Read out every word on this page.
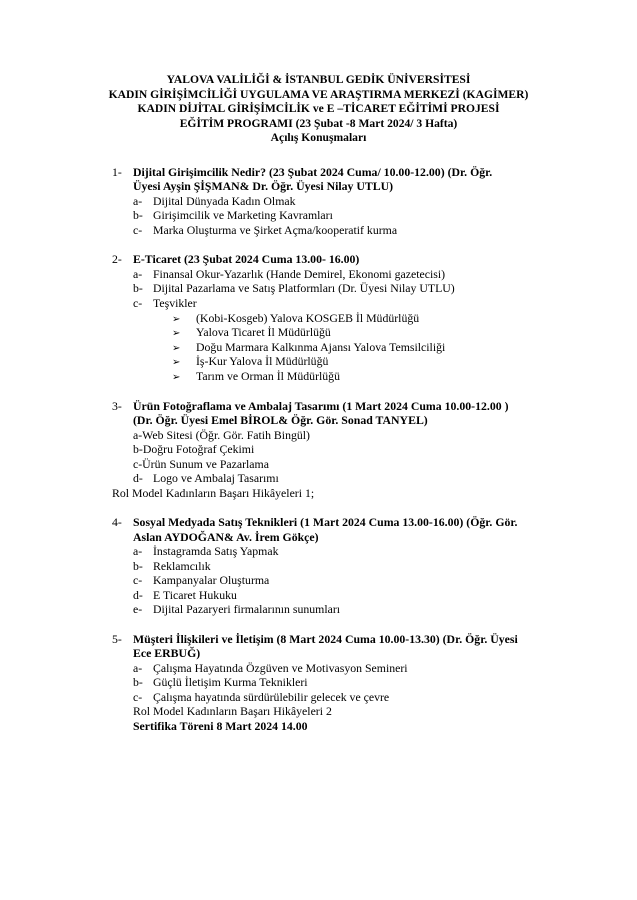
YALOVA VALİLİĞİ & İSTANBUL GEDİK ÜNİVERSİTESİ
KADIN GİRİŞİMCİLİĞİ UYGULAMA VE ARAŞTIRMA MERKEZİ (KAGİMER)
KADIN DİJİTAL GİRİŞİMCİLİK ve E –TİCARET EĞİTİMİ PROJESİ
EĞİTİM PROGRAMI (23 Şubat -8 Mart 2024/ 3 Hafta)
Açılış Konuşmaları
1- Dijital Girişimcilik Nedir? (23 Şubat 2024 Cuma/ 10.00-12.00) (Dr. Öğr.
Üyesi Ayşin ŞİŞMAN& Dr. Öğr. Üyesi Nilay UTLU)
a- Dijital Dünyada Kadın Olmak
b- Girişimcilik ve Marketing Kavramları
c- Marka Oluşturma ve Şirket Açma/kooperatif kurma
2- E-Ticaret (23 Şubat 2024 Cuma 13.00- 16.00)
a- Finansal Okur-Yazarlık (Hande Demirel, Ekonomi gazetecisi)
b- Dijital Pazarlama ve Satış Platformları (Dr. Üyesi Nilay UTLU)
c- Teşvikler
➢ (Kobi-Kosgeb) Yalova KOSGEB İl Müdürlüğü
➢ Yalova Ticaret İl Müdürlüğü
➢ Doğu Marmara Kalkınma Ajansı Yalova Temsilciliği
➢ İş-Kur Yalova İl Müdürlüğü
➢ Tarım ve Orman İl Müdürlüğü
3- Ürün Fotoğraflama ve Ambalaj Tasarımı (1 Mart 2024 Cuma 10.00-12.00 )
(Dr. Öğr. Üyesi Emel BİROL& Öğr. Gör. Sonad TANYEL)
a-Web Sitesi (Öğr. Gör. Fatih Bingül)
b-Doğru Fotoğraf Çekimi
c-Ürün Sunum ve Pazarlama
d- Logo ve Ambalaj Tasarımı
Rol Model Kadınların Başarı Hikâyeleri 1;
4- Sosyal Medyada Satış Teknikleri (1 Mart 2024 Cuma 13.00-16.00) (Öğr. Gör.
Aslan AYDOĞAN& Av. İrem Gökçe)
a- İnstagramda Satış Yapmak
b- Reklamcılık
c- Kampanyalar Oluşturma
d- E Ticaret Hukuku
e- Dijital Pazaryeri firmalarının sunumları
5- Müşteri İlişkileri ve İletişim (8 Mart 2024 Cuma 10.00-13.30) (Dr. Öğr. Üyesi
Ece ERBUĞ)
a- Çalışma Hayatında Özgüven ve Motivasyon Semineri
b- Güçlü İletişim Kurma Teknikleri
c- Çalışma hayatında sürdürülebilir gelecek ve çevre
Rol Model Kadınların Başarı Hikâyeleri 2
Sertifika Töreni 8 Mart 2024 14.00
